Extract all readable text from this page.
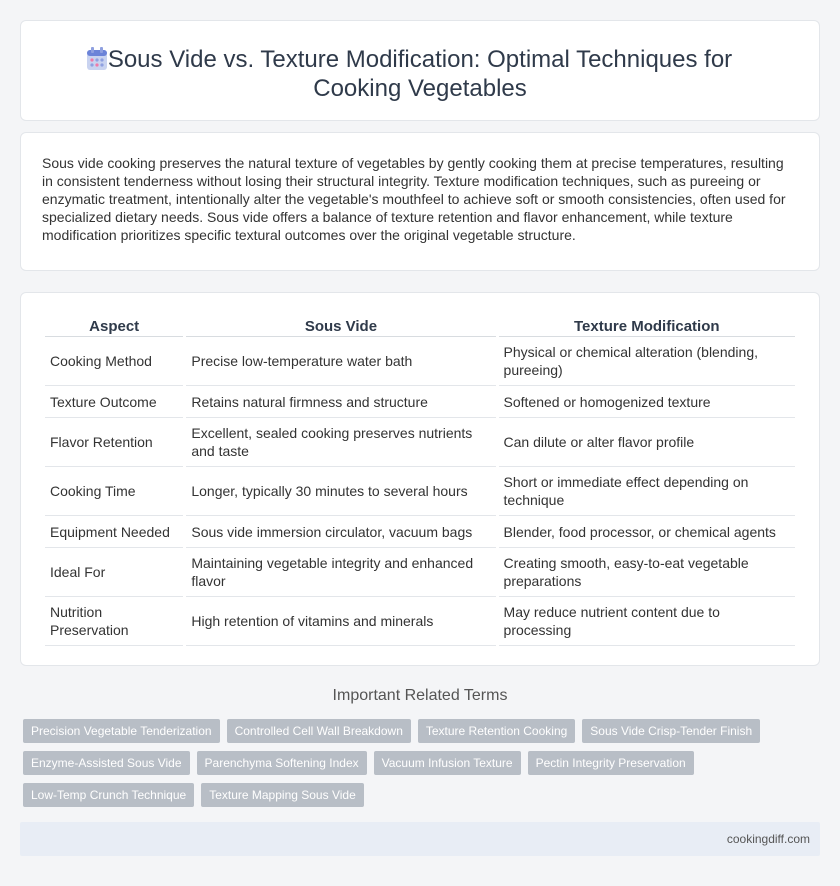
Sous Vide vs. Texture Modification: Optimal Techniques for Cooking Vegetables

Sous vide cooking preserves the natural texture of vegetables by gently cooking them at precise temperatures, resulting in consistent tenderness without losing their structural integrity. Texture modification techniques, such as pureeing or enzymatic treatment, intentionally alter the vegetable's mouthfeel to achieve soft or smooth consistencies, often used for specialized dietary needs. Sous vide offers a balance of texture retention and flavor enhancement, while texture modification prioritizes specific textural outcomes over the original vegetable structure.

Aspect	Sous Vide	Texture Modification
Cooking Method	Precise low-temperature water bath	Physical or chemical alteration (blending, pureeing)
Texture Outcome	Retains natural firmness and structure	Softened or homogenized texture
Flavor Retention	Excellent, sealed cooking preserves nutrients and taste	Can dilute or alter flavor profile
Cooking Time	Longer, typically 30 minutes to several hours	Short or immediate effect depending on technique
Equipment Needed	Sous vide immersion circulator, vacuum bags	Blender, food processor, or chemical agents
Ideal For	Maintaining vegetable integrity and enhanced flavor	Creating smooth, easy-to-eat vegetable preparations
Nutrition Preservation	High retention of vitamins and minerals	May reduce nutrient content due to processing
Important Related Terms
Precision Vegetable Tenderization	Controlled Cell Wall Breakdown	Texture Retention Cooking	Sous Vide Crisp-Tender Finish
Enzyme-Assisted Sous Vide	Parenchyma Softening Index	Vacuum Infusion Texture	Pectin Integrity Preservation
Low-Temp Crunch Technique	Texture Mapping Sous Vide
cookingdiff.com
